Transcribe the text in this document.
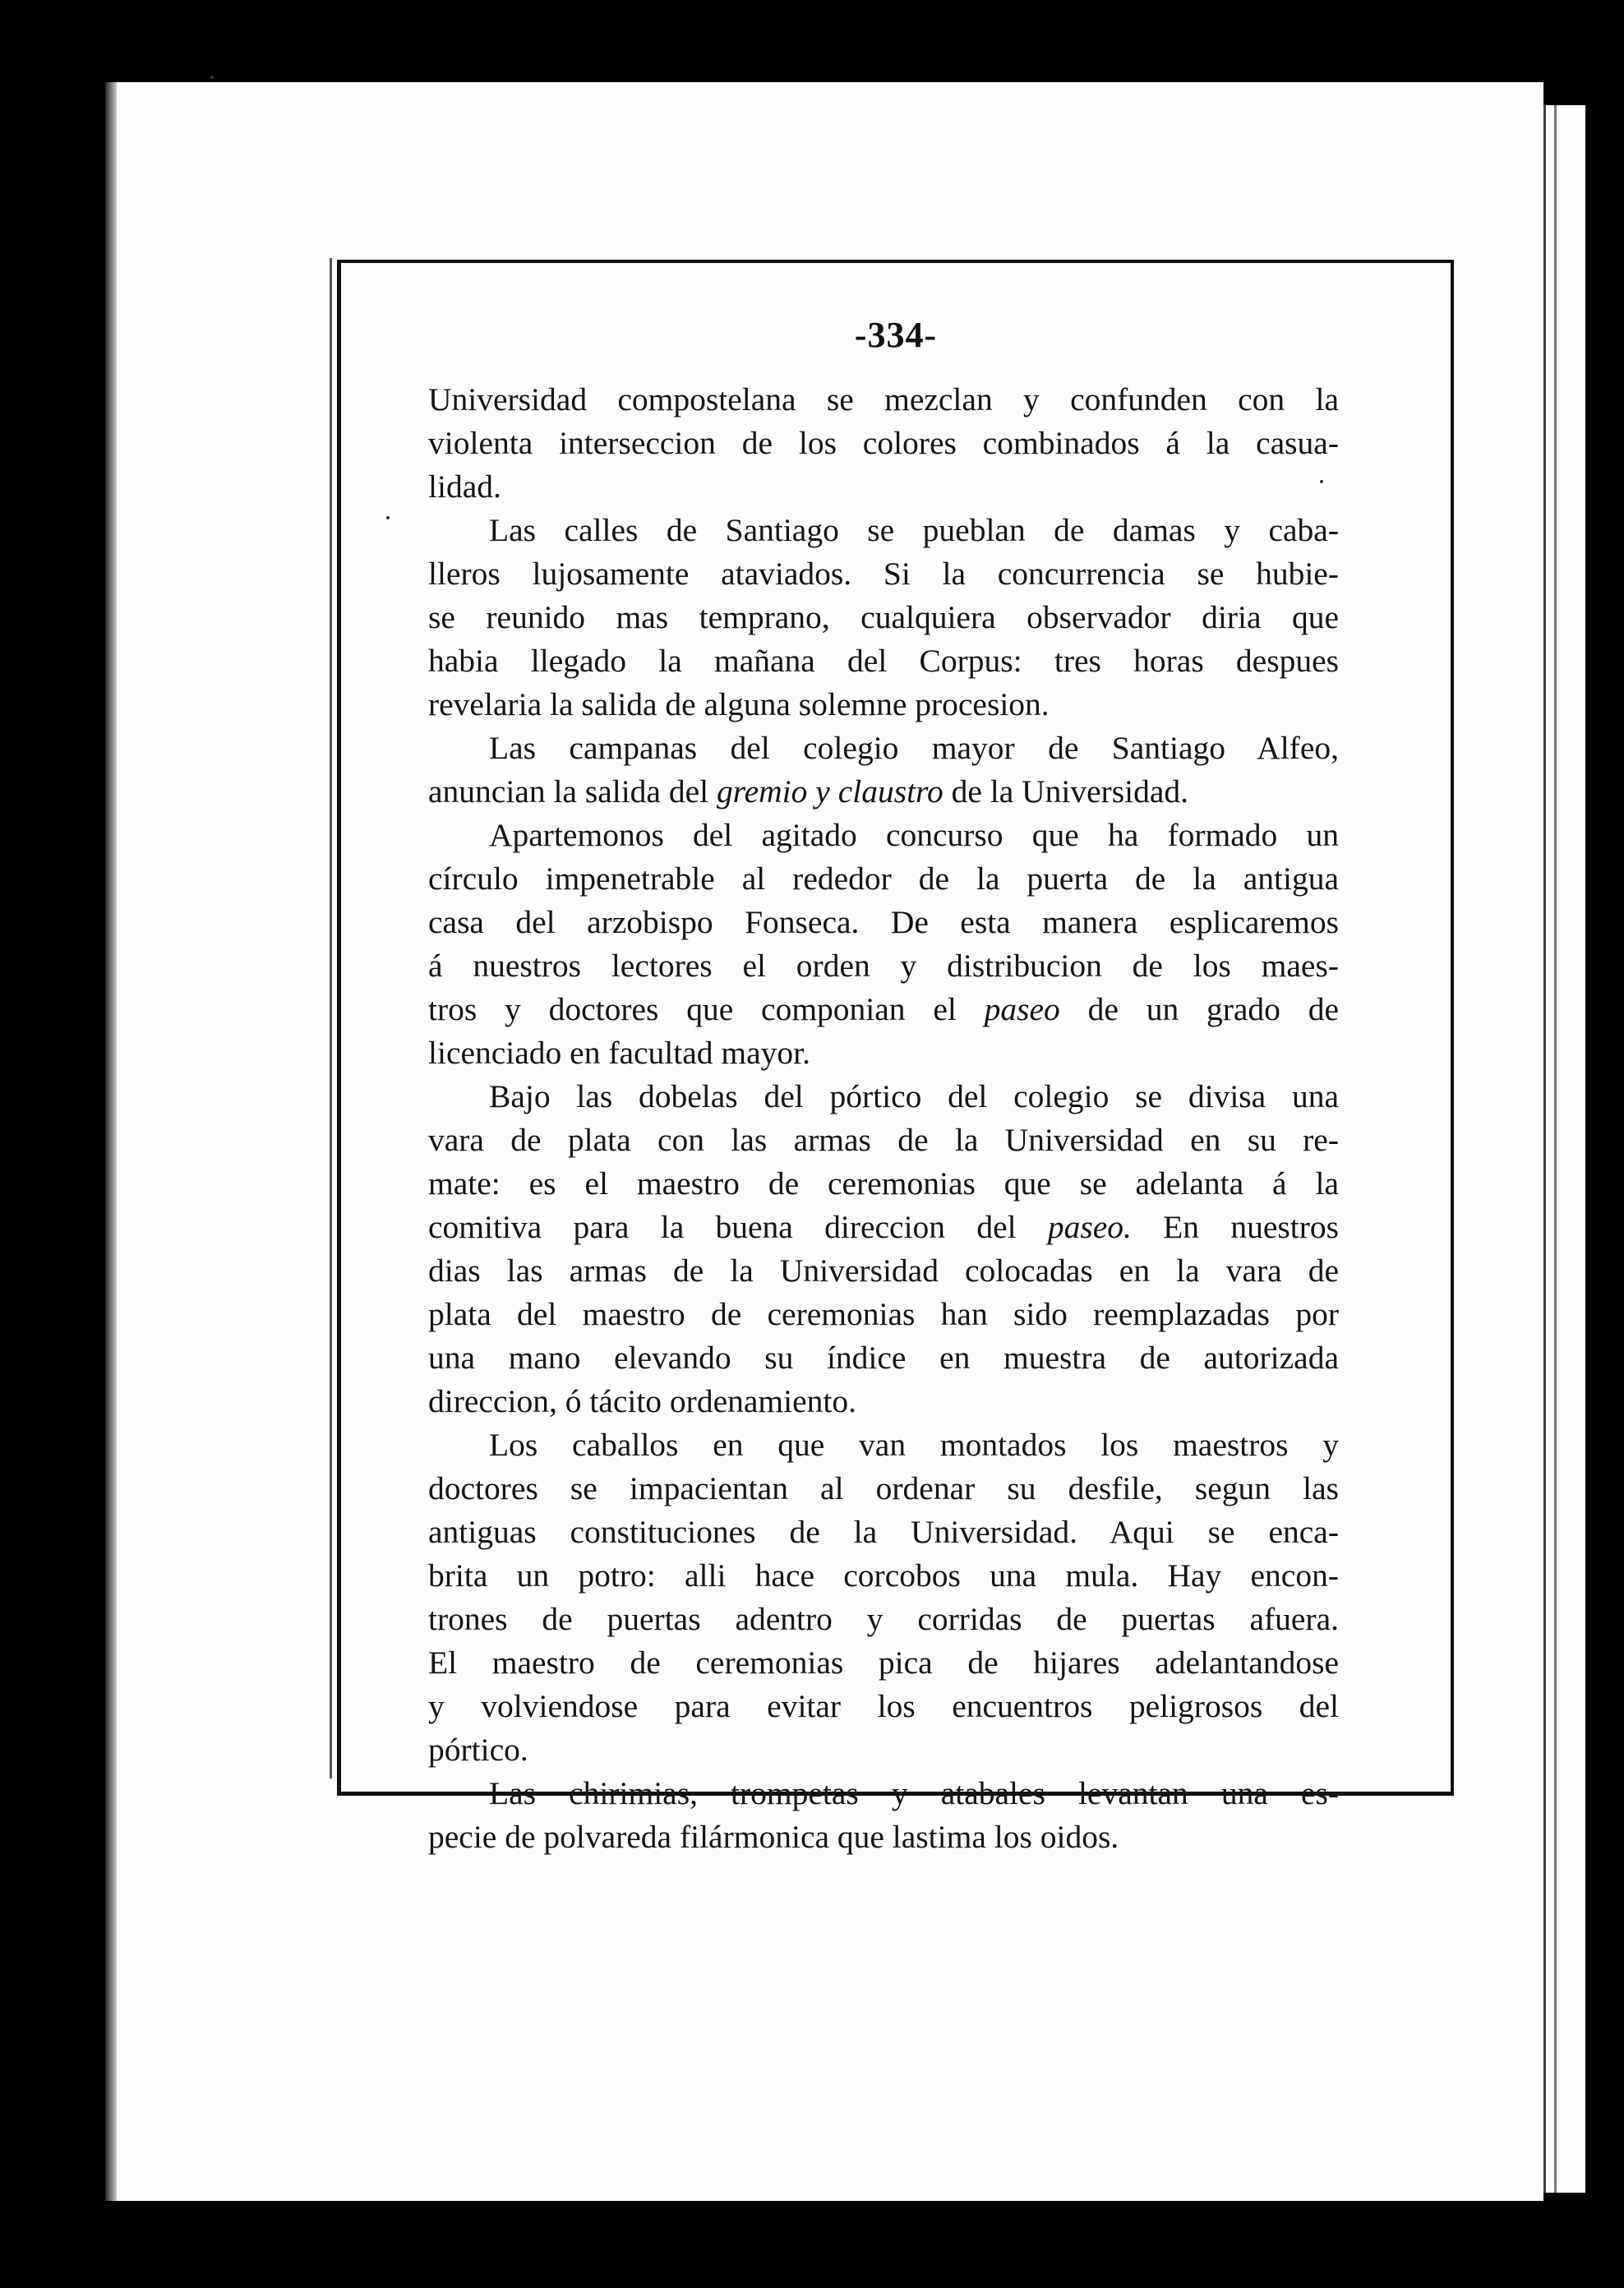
-334-
Universidad compostelana se mezclan y confunden con la
violenta interseccion de los colores combinados á la casua-
lidad.
Las calles de Santiago se pueblan de damas y caba-
lleros lujosamente ataviados. Si la concurrencia se hubie-
se reunido mas temprano, cualquiera observador diria que
habia llegado la mañana del Corpus: tres horas despues
revelaria la salida de alguna solemne procesion.
Las campanas del colegio mayor de Santiago Alfeo,
anuncian la salida del gremio y claustro de la Universidad.
Apartemonos del agitado concurso que ha formado un
círculo impenetrable al rededor de la puerta de la antigua
casa del arzobispo Fonseca. De esta manera esplicaremos
á nuestros lectores el orden y distribucion de los maes-
tros y doctores que componian el paseo de un grado de
licenciado en facultad mayor.
Bajo las dobelas del pórtico del colegio se divisa una
vara de plata con las armas de la Universidad en su re-
mate: es el maestro de ceremonias que se adelanta á la
comitiva para la buena direccion del paseo. En nuestros
dias las armas de la Universidad colocadas en la vara de
plata del maestro de ceremonias han sido reemplazadas por
una mano elevando su índice en muestra de autorizada
direccion, ó tácito ordenamiento.
Los caballos en que van montados los maestros y
doctores se impacientan al ordenar su desfile, segun las
antiguas constituciones de la Universidad. Aqui se enca-
brita un potro: alli hace corcobos una mula. Hay encon-
trones de puertas adentro y corridas de puertas afuera.
El maestro de ceremonias pica de hijares adelantandose
y volviendose para evitar los encuentros peligrosos del
pórtico.
Las chirimias, trompetas y atabales levantan una es-
pecie de polvareda filármonica que lastima los oidos.
